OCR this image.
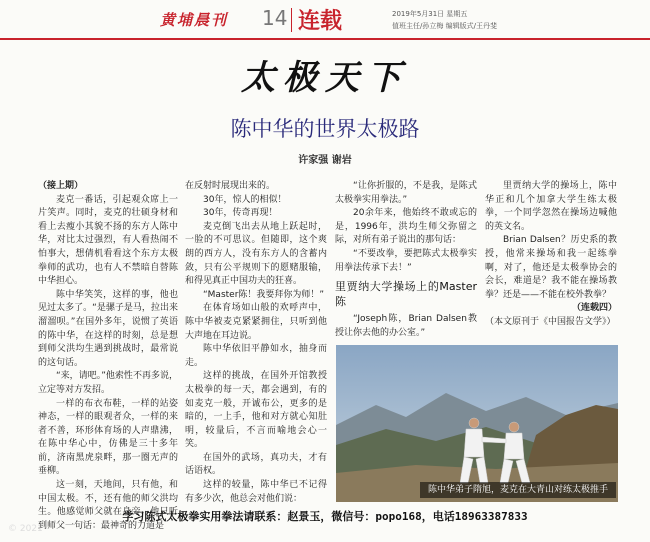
黄埔晨刊 14 连载	2019年5月31日 星期五
值班主任/孙立梅 编辑版式/王丹斐
太极天下
陈中华的世界太极路
许家强 谢岩

（接上期）

麦克一番话，引起观众席上一片笑声。同时，麦克的壮硕身材和看上去瘦小其貌不扬的东方人陈中华，对比太过强烈，有人看热闹不怕事大，想倩机看看这个东方太极拳师的武功，也有人不禁暗自替陈中华担心。

陈中华笑笑，这样的事，他也见过太多了。“是骡子是马，拉出来溜溜呗。”在国外多年，说惯了英语的陈中华，在这样的时刻，总是想到师父洪均生遇到挑战时，最常说的这句话。

“来，请吧。”他索性不再多说，立定等对方发招。

一样的布衣布鞋，一样的站姿神态，一样的眼观者众，一样的来者不善，环形体育场的人声鼎沸，在陈中华心中，仿佛是三十多年前，济南黑虎泉畔，那一圈无声的垂柳。

这一刻，天地间，只有他，和中国太极。不，还有他的师父洪均生。他感觉师父就在身旁，他只听到师父一句话：最神奇的力道是

在反射时展现出来的。

30年，惊人的相似！

30年，传奇再现！

麦克倒飞出去从地上跃起时，一脸的不可思议。但随即，这个爽朗的西方人，没有东方人的含蓄内敛，只有公平规则下的愿赌服输，和得见真正中国功夫的狂喜。

“Master陈！我要拜你为师！”

在体育场如山般的欢呼声中，陈中华被麦克紧紧拥住，只听到他大声地在耳边说。

陈中华依旧平静如水，抽身而走。

这样的挑战，在国外开馆教授太极拳的每一天，都会遇到，有的如麦克一般，开诚布公，更多的是暗的，一上手，他和对方就心知肚明，较量后，不言而喻地会心一笑。

在国外的武场，真功夫，才有话语权。

这样的较量，陈中华已不记得有多少次，他总会对他们说：

“让你折服的，不是我，是陈式太极拳实用拳法。”

20余年来，他始终不敢或忘的是，1996年，洪均生师父弥留之际，对所有弟子说出的那句话：

“不要改拳，要把陈式太极拳实用拳法传承下去！”

里贾纳大学操场上的Master陈

“Joseph陈，Brian Dalsen教授让你去他的办公室。”

里贾纳大学的操场上，陈中华正和几个加拿大学生练太极拳，一个同学忽然在操场边喊他的英文名。

Brian Dalsen？历史系的教授，他常来操场和我一起练拳啊，对了，他还是太极拳协会的会长，难道是？我不能在操场教拳？还是——不能在校外教拳？

（连载四）

（本文原刊于《中国报告文学》）

陈中华弟子隋旭，麦克在大青山对练太极推手
学习陈式太极拳实用拳法请联系：赵景玉，微信号：popo168，电话18963387833
© 2021
